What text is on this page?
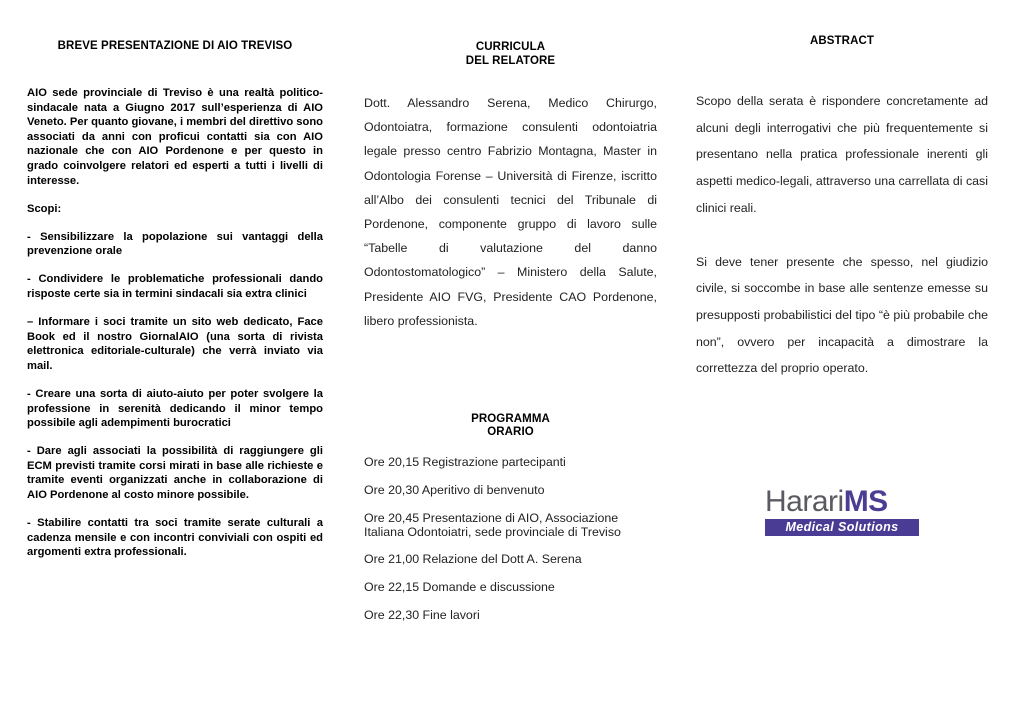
BREVE PRESENTAZIONE DI AIO TREVISO

AIO sede provinciale di Treviso è una realtà politico-sindacale nata a Giugno 2017 sull’esperienza di AIO Veneto. Per quanto giovane, i membri del direttivo sono associati da anni con proficui contatti sia con AIO nazionale che con AIO Pordenone e per questo in grado coinvolgere relatori ed esperti a tutti i livelli di interesse.

Scopi:

- Sensibilizzare la popolazione sui vantaggi della prevenzione orale

- Condividere le problematiche professionali dando risposte certe sia in termini sindacali sia extra clinici

– Informare i soci tramite un sito web dedicato, Face Book ed il nostro GiornalAIO (una sorta di rivista elettronica editoriale-culturale) che verrà inviato via mail.

- Creare una sorta di aiuto-aiuto per poter svolgere la professione in serenità dedicando il minor tempo possibile agli adempimenti burocratici

- Dare agli associati la possibilità di raggiungere gli ECM previsti tramite corsi mirati in base alle richieste e tramite eventi organizzati anche in collaborazione di AIO Pordenone al costo minore possibile.

- Stabilire contatti tra soci tramite serate culturali a cadenza mensile e con incontri conviviali con ospiti ed argomenti extra professionali.

CURRICULA
DEL RELATORE
Dott. Alessandro Serena, Medico Chirurgo, Odontoiatra, formazione consulenti odontoiatria legale presso centro Fabrizio Montagna, Master in Odontologia Forense – Università di Firenze, iscritto all’Albo dei consulenti tecnici del Tribunale di Pordenone, componente gruppo di lavoro sulle “Tabelle di valutazione del danno Odontostomatologico” – Ministero della Salute, Presidente AIO FVG, Presidente CAO Pordenone, libero professionista.
PROGRAMMA
ORARIO
Ore 20,15 Registrazione partecipanti
Ore 20,30 Aperitivo di benvenuto
Ore 20,45 Presentazione di AIO, Associazione Italiana Odontoiatri, sede provinciale di Treviso
Ore 21,00 Relazione del Dott A. Serena
Ore 22,15 Domande e discussione
Ore 22,30 Fine lavori
ABSTRACT

Scopo della serata è rispondere concretamente ad alcuni degli interrogativi che più frequentemente si presentano nella pratica professionale inerenti gli aspetti medico-legali, attraverso una carrellata di casi clinici reali.

Si deve tener presente che spesso, nel giudizio civile, si soccombe in base alle sentenze emesse su presupposti probabilistici del tipo “è più probabile che non”, ovvero per incapacità a dimostrare la correttezza del proprio operato.

HarariMS
Medical Solutions
